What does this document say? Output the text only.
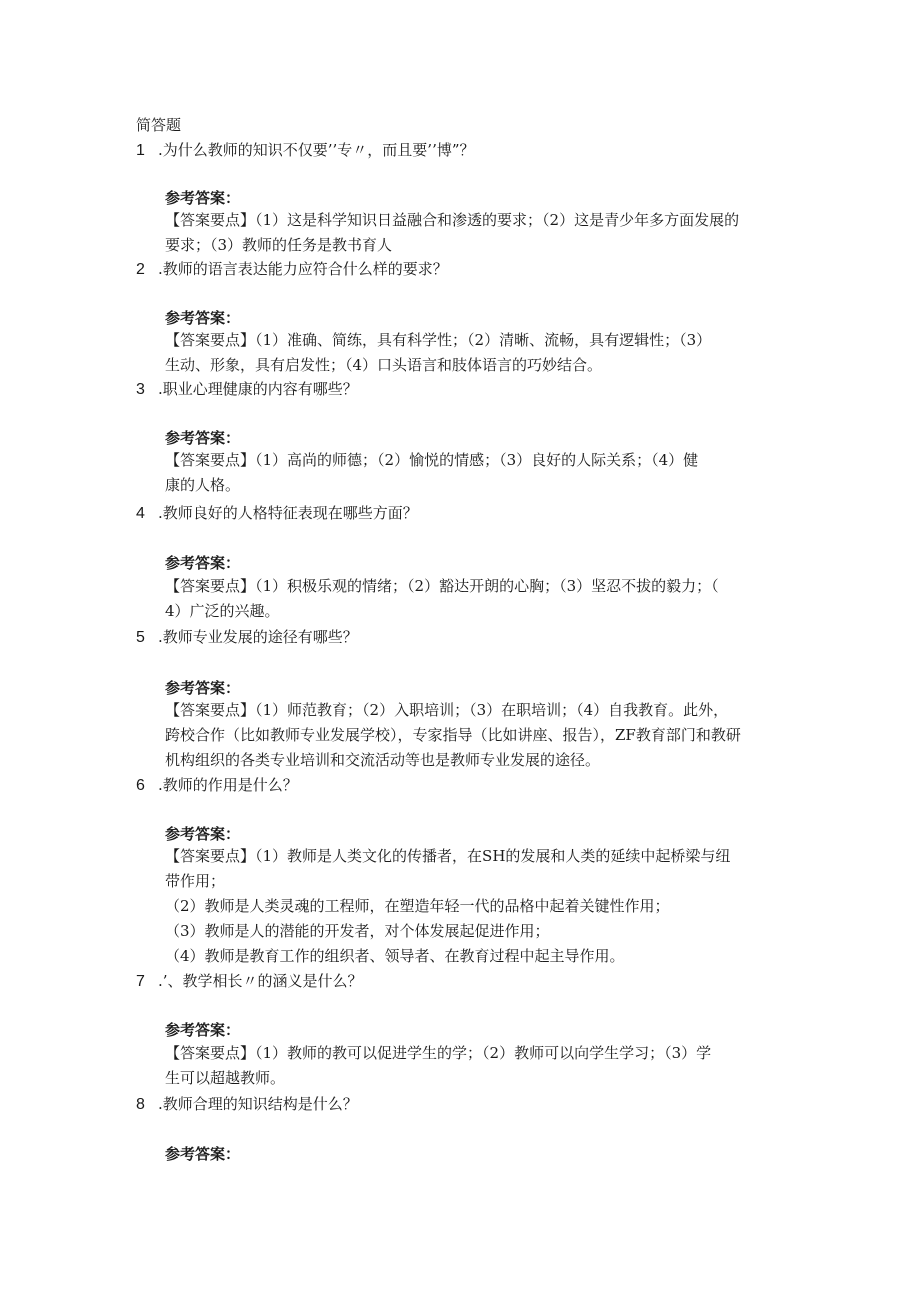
简答题
1 .为什么教师的知识不仅要’’专〃，而且要’’博”？
参考答案：
【答案要点】（1）这是科学知识日益融合和渗透的要求；（2）这是青少年多方面发展的
要求；（3）教师的任务是教书育人
2 .教师的语言表达能力应符合什么样的要求？
参考答案：
【答案要点】（1）准确、简练，具有科学性；（2）清晰、流畅，具有逻辑性；（3）
生动、形象，具有启发性；（4）口头语言和肢体语言的巧妙结合。
3 .职业心理健康的内容有哪些？
参考答案：
【答案要点】（1）高尚的师德；（2）愉悦的情感；（3）良好的人际关系；（4）健
康的人格。
4 .教师良好的人格特征表现在哪些方面？
参考答案：
【答案要点】（1）积极乐观的情绪；（2）豁达开朗的心胸；（3）坚忍不拔的毅力；（
4）广泛的兴趣。
5 .教师专业发展的途径有哪些？
参考答案：
【答案要点】（1）师范教育；（2）入职培训；（3）在职培训；（4）自我教育。此外，
跨校合作（比如教师专业发展学校），专家指导（比如讲座、报告），ZF教育部门和教研
机构组织的各类专业培训和交流活动等也是教师专业发展的途径。
6 .教师的作用是什么？
参考答案：
【答案要点】（1）教师是人类文化的传播者，在SH的发展和人类的延续中起桥梁与纽
带作用；
（2）教师是人类灵魂的工程师，在塑造年轻一代的品格中起着关键性作用；
（3）教师是人的潜能的开发者，对个体发展起促进作用；
（4）教师是教育工作的组织者、领导者、在教育过程中起主导作用。
7 .’、教学相长〃的涵义是什么？
参考答案：
【答案要点】（1）教师的教可以促进学生的学；（2）教师可以向学生学习；（3）学
生可以超越教师。
8 .教师合理的知识结构是什么？
参考答案：
